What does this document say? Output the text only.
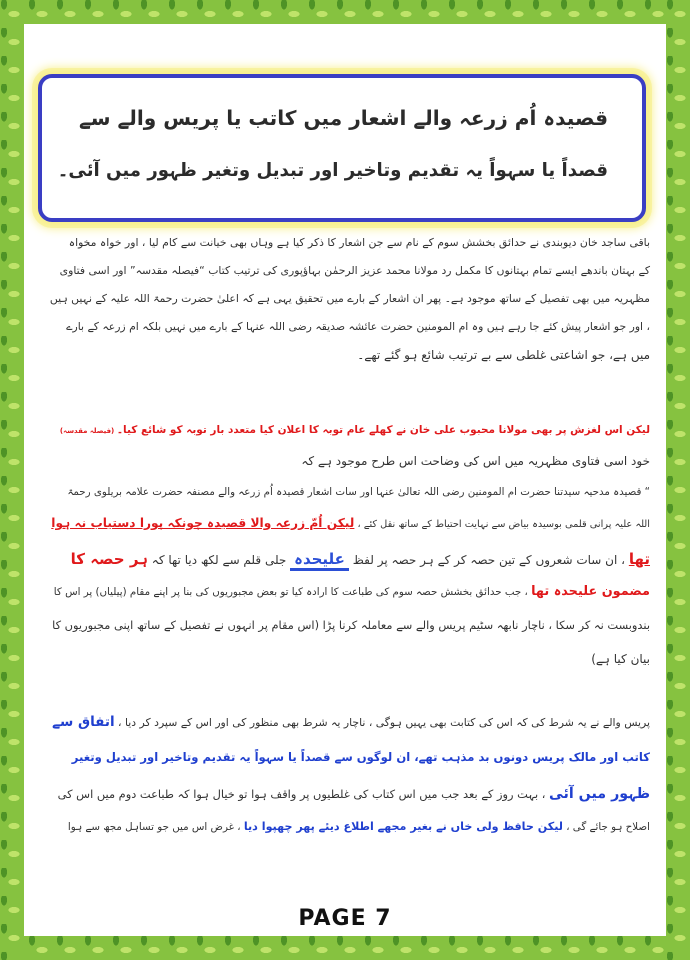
قصیدہ اُم زرعہ والے اشعار میں کاتب یا پریس والے سے
قصداً یا سہواً یہ تقدیم وتاخیر اور تبدیل وتغیر ظہور میں آئی۔
باقی ساجد خان دیوبندی نے حدائق بخشش سوم کے نام سے جن اشعار کا ذکر کیا ہے وہاں بھی خیانت سے کام لیا ، اور خواہ مخواہ
کے بہتان باندھے ایسے تمام بہتانوں کا مکمل رد مولانا محمد عزیز الرحمٰن بہاؤپوری کی ترتیب کتاب “فیصلہ مقدسہ” اور اسی فتاوی
مظہریہ میں بھی تفصیل کے ساتھ موجود ہے۔ پھر ان اشعار کے بارے میں تحقیق یہی ہے کہ اعلیٰ حضرت رحمۃ اللہ علیہ کے نہیں ہیں
، اور جو اشعار پیش کئے جا رہے ہیں وہ ام المومنین حضرت عائشہ صدیقہ رضی اللہ عنہا کے بارے میں نہیں بلکہ ام زرعہ کے بارے
میں ہے، جو اشاعتی غلطی سے بے ترتیب شائع ہو گئے تھے۔
لیکن اس لغزش پر بھی مولانا محبوب علی خان نے کھلے عام توبہ کا اعلان کیا متعدد بار توبہ کو شائع کیا۔ (فیصلہ مقدسہ)
خود اسی فتاوی مظہریہ میں اس کی وضاحت اس طرح موجود ہے کہ
“ قصیدہ مدحیہ سیدتنا حضرت ام المومنین رضی اللہ تعالیٰ عنہا اور سات اشعار قصیدہ اُم زرعہ والے مصنفہ حضرت علامہ بریلوی رحمۃ
اللہ علیہ پرانی قلمی بوسیدہ بیاض سے نہایت احتیاط کے ساتھ نقل کئے ، لیکن اُمّ زرعہ والا قصیدہ چونکہ پورا دستیاب نہ ہوا
تھا ، ان سات شعروں کے تین حصہ کر کے ہر حصہ پر لفظ علیحدہ جلی قلم سے لکھ دیا تھا کہ ہر حصہ کا
مضمون علیحدہ تھا ، جب حدائق بخشش حصہ سوم کی طباعت کا ارادہ کیا تو بعض مجبوریوں کی بنا پر اپنے مقام (پیلیاں) پر اس کا
بندوبست نہ کر سکا ، ناچار نابھہ سٹیم پریس والے سے معاملہ کرنا پڑا (اس مقام پر انہوں نے تفصیل کے ساتھ اپنی مجبوریوں کا
بیان کیا ہے)
پریس والے نے یہ شرط کی کہ اس کی کتابت بھی یہیں ہوگی ، ناچار یہ شرط بھی منظور کی اور اس کے سپرد کر دیا ، اتفاق سے
کاتب اور مالک پریس دونوں بد مذہب تھے، ان لوگوں سے قصداً یا سہواً یہ تقدیم وتاخیر اور تبدیل وتغیر
ظہور میں آئی ، بہت روز کے بعد جب میں اس کتاب کی غلطیوں پر واقف ہوا تو خیال ہوا کہ طباعت دوم میں اس کی
اصلاح ہو جائے گی ، لیکن حافظ ولی خاں نے بغیر مجھے اطلاع دیئے پھر چھپوا دیا ، غرض اس میں جو تساہل مجھ سے ہوا
PAGE 7
